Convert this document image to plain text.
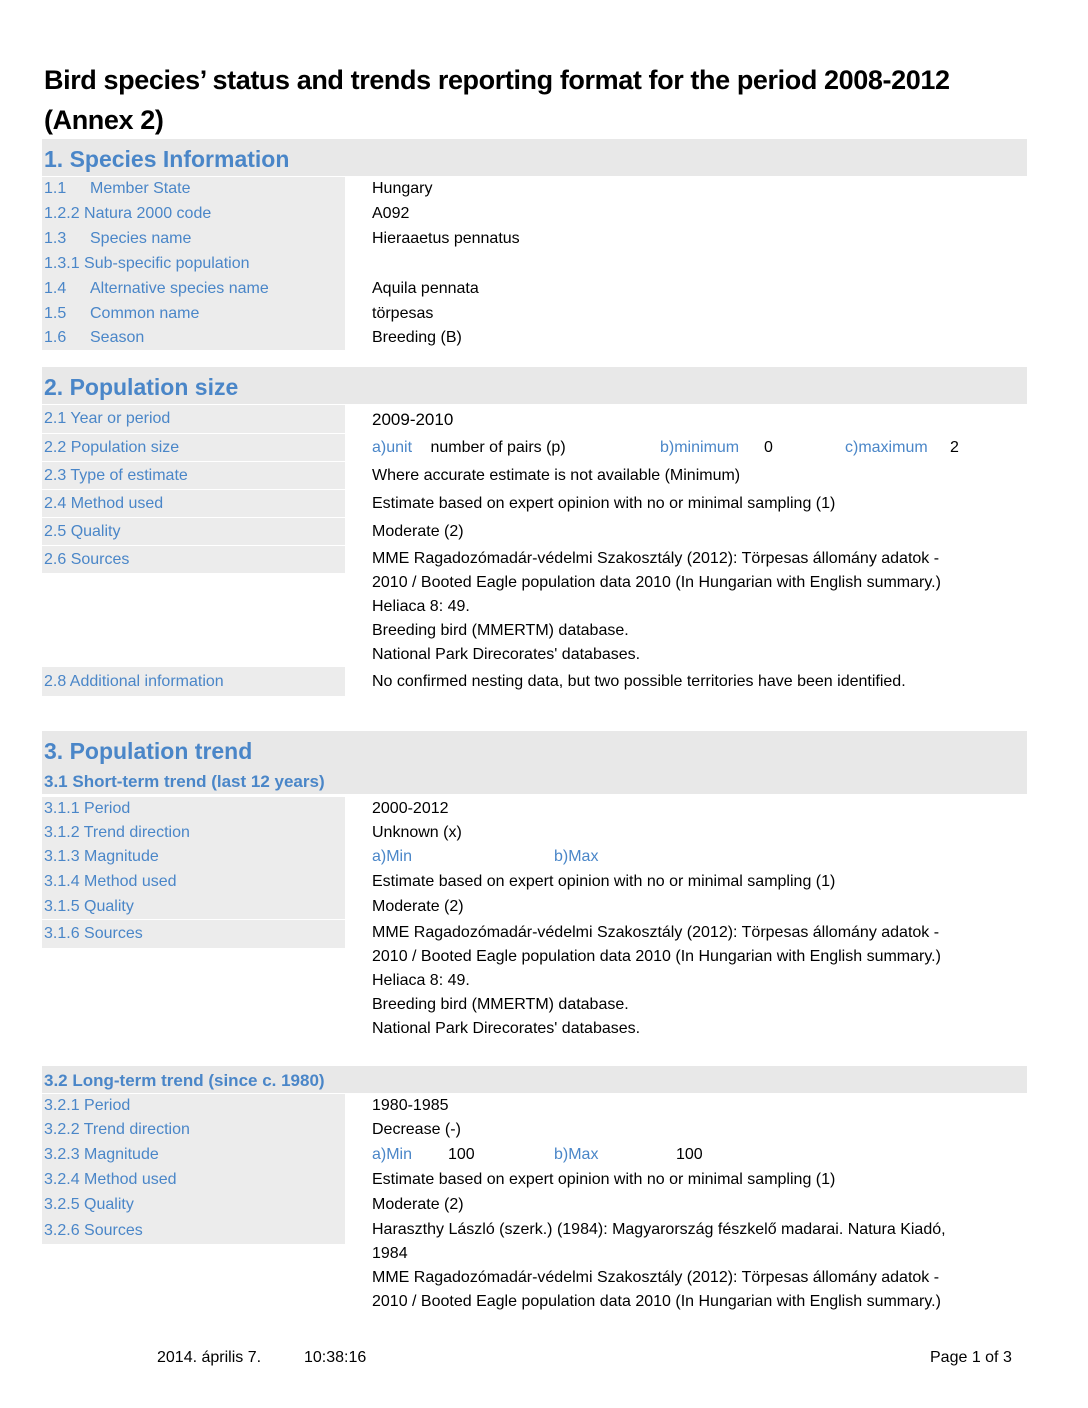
Bird species’ status and trends reporting format for the period 2008-2012 (Annex 2)
1. Species Information
1.1 Member State	Hungary
1.2.2 Natura 2000 code	A092
1.3 Species name	Hieraaetus pennatus
1.3.1 Sub-specific population
1.4 Alternative species name	Aquila pennata
1.5 Common name	törpesas
1.6 Season	Breeding (B)
2. Population size
2.1 Year or period	2009-2010
2.2 Population size	a)unit number of pairs (p)	b)minimum 0	c)maximum 2
2.3 Type of estimate	Where accurate estimate is not available (Minimum)
2.4 Method used	Estimate based on expert opinion with no or minimal sampling (1)
2.5 Quality	Moderate (2)
2.6 Sources	MME Ragadozómadár-védelmi Szakosztály (2012): Törpesas állomány adatok -
2010 / Booted Eagle population data 2010 (In Hungarian with English summary.)
Heliaca 8: 49.
Breeding bird (MMERTM) database.
National Park Direcorates' databases.
2.8 Additional information	No confirmed nesting data, but two possible territories have been identified.
3. Population trend
3.1 Short-term trend (last 12 years)
3.1.1 Period	2000-2012
3.1.2 Trend direction	Unknown (x)
3.1.3 Magnitude	a)Min	b)Max
3.1.4 Method used	Estimate based on expert opinion with no or minimal sampling (1)
3.1.5 Quality	Moderate (2)
3.1.6 Sources	MME Ragadozómadár-védelmi Szakosztály (2012): Törpesas állomány adatok -
2010 / Booted Eagle population data 2010 (In Hungarian with English summary.)
Heliaca 8: 49.
Breeding bird (MMERTM) database.
National Park Direcorates' databases.
3.2 Long-term trend (since c. 1980)
3.2.1 Period	1980-1985
3.2.2 Trend direction	Decrease (-)
3.2.3 Magnitude	a)Min 100	b)Max	100
3.2.4 Method used	Estimate based on expert opinion with no or minimal sampling (1)
3.2.5 Quality	Moderate (2)
3.2.6 Sources	Haraszthy László (szerk.) (1984): Magyarország fészkelő madarai. Natura Kiadó,
1984
MME Ragadozómadár-védelmi Szakosztály (2012): Törpesas állomány adatok -
2010 / Booted Eagle population data 2010 (In Hungarian with English summary.)
2014. április 7.	10:38:16	Page 1 of 3
